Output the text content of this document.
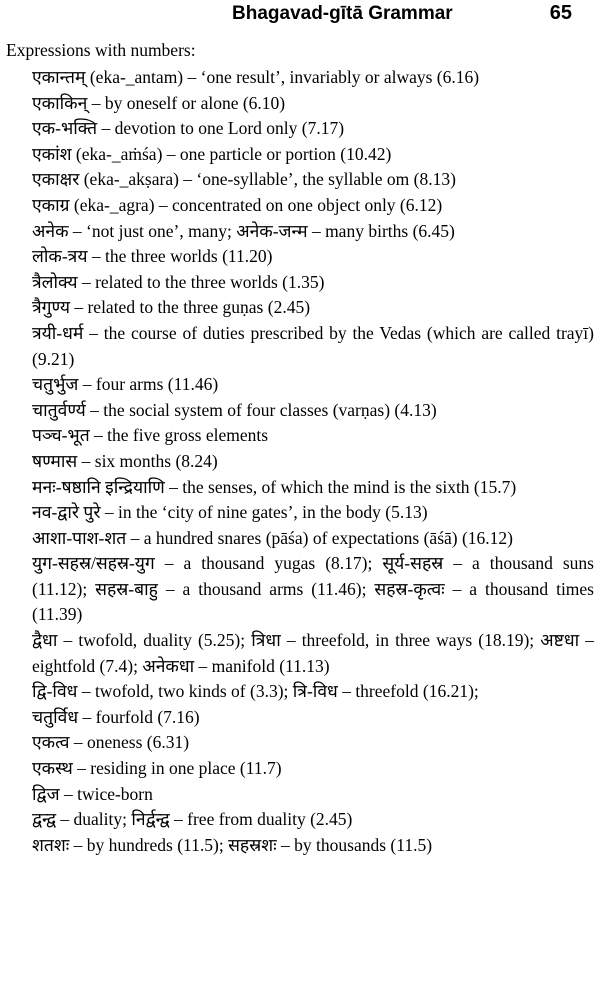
Bhagavad-gītā Grammar	65
Expressions with numbers:
एकान्तम् (eka-_antam) – ‘one result’, invariably or always (6.16)
एकाकिन् – by oneself or alone (6.10)
एक-भक्ति – devotion to one Lord only (7.17)
एकांश (eka-_aṁśa) – one particle or portion (10.42)
एकाक्षर (eka-_akṣara) – ‘one-syllable’, the syllable om (8.13)
एकाग्र (eka-_agra) – concentrated on one object only (6.12)
अनेक – ‘not just one’, many; अनेक-जन्म – many births (6.45)
लोक-त्रय – the three worlds (11.20)
त्रैलोक्य – related to the three worlds (1.35)
त्रैगुण्य – related to the three guṇas (2.45)
त्रयी-धर्म – the course of duties prescribed by the Vedas (which are called trayī) (9.21)
चतुर्भुज – four arms (11.46)
चातुर्वर्ण्य – the social system of four classes (varṇas) (4.13)
पञ्च-भूत – the five gross elements
षण्मास – six months (8.24)
मनः-षष्ठानि इन्द्रियाणि – the senses, of which the mind is the sixth (15.7)
नव-द्वारे पुरे – in the ‘city of nine gates’, in the body (5.13)
आशा-पाश-शत – a hundred snares (pāśa) of expectations (āśā) (16.12)
युग-सहस्र/सहस्र-युग – a thousand yugas (8.17); सूर्य-सहस्र – a thousand suns (11.12); सहस्र-बाहु – a thousand arms (11.46); सहस्र-कृत्वः – a thousand times (11.39)
द्वैधा – twofold, duality (5.25); त्रिधा – threefold, in three ways (18.19); अष्टधा – eightfold (7.4); अनेकधा – manifold (11.13)
द्वि-विध – twofold, two kinds of (3.3); त्रि-विध – threefold (16.21);
चतुर्विध – fourfold (7.16)
एकत्व – oneness (6.31)
एकस्थ – residing in one place (11.7)
द्विज – twice-born
द्वन्द्व – duality; निर्द्वन्द्व – free from duality (2.45)
शतशः – by hundreds (11.5); सहस्रशः – by thousands (11.5)
